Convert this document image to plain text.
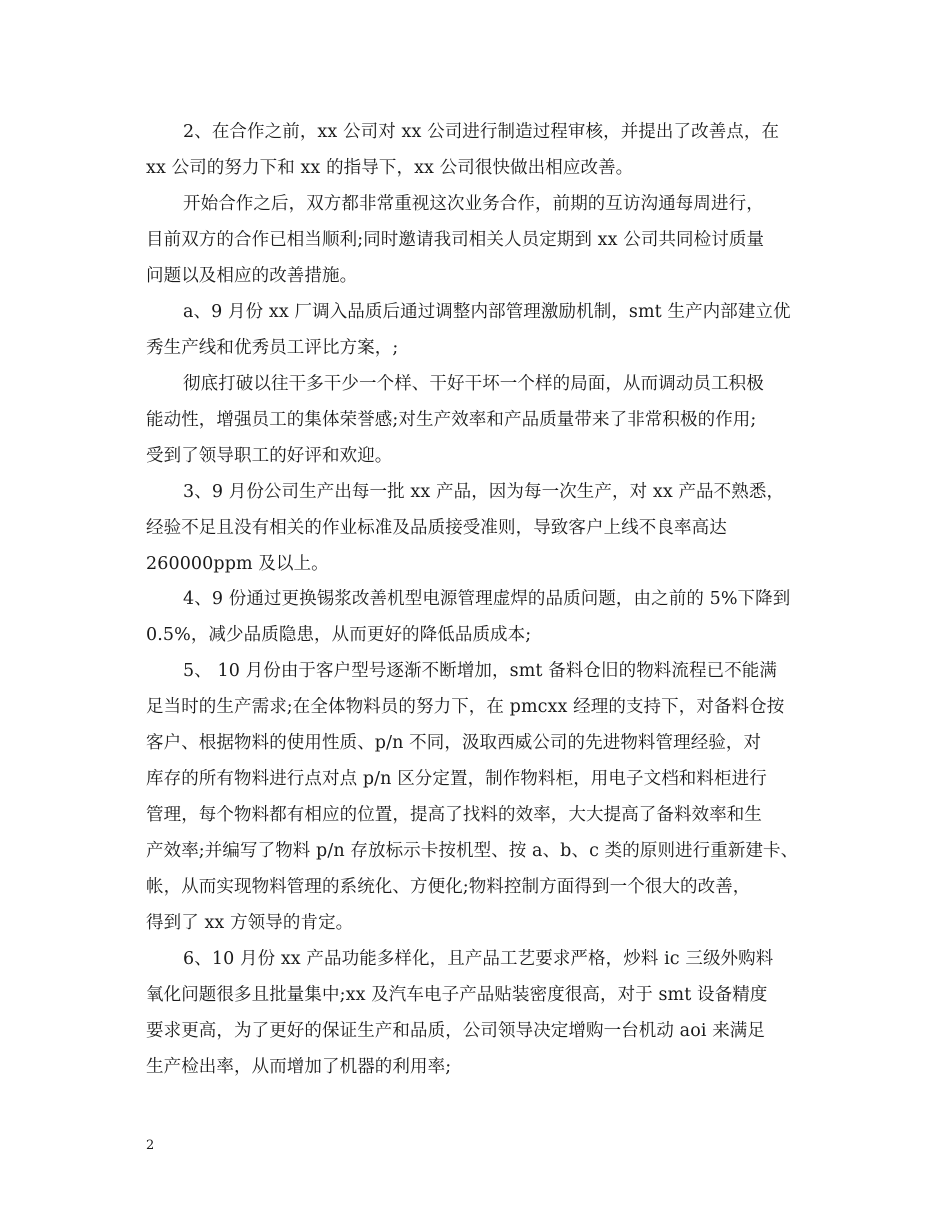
2
2、在合作之前，xx 公司对 xx 公司进行制造过程审核，并提出了改善点，在
xx 公司的努力下和 xx 的指导下，xx 公司很快做出相应改善。
开始合作之后，双方都非常重视这次业务合作，前期的互访沟通每周进行，
目前双方的合作已相当顺利;同时邀请我司相关人员定期到 xx 公司共同检讨质量
问题以及相应的改善措施。
a、9 月份 xx 厂调入品质后通过调整内部管理激励机制，smt 生产内部建立优
秀生产线和优秀员工评比方案，;
彻底打破以往干多干少一个样、干好干坏一个样的局面，从而调动员工积极
能动性，增强员工的集体荣誉感;对生产效率和产品质量带来了非常积极的作用;
受到了领导职工的好评和欢迎。
3、9 月份公司生产出每一批 xx 产品，因为每一次生产，对 xx 产品不熟悉，
经验不足且没有相关的作业标准及品质接受准则，导致客户上线不良率高达
260000ppm 及以上。
4、9 份通过更换锡浆改善机型电源管理虚焊的品质问题，由之前的 5%下降到
0.5%，减少品质隐患，从而更好的降低品质成本;
5、 10 月份由于客户型号逐渐不断增加，smt 备料仓旧的物料流程已不能满
足当时的生产需求;在全体物料员的努力下，在 pmcxx 经理的支持下，对备料仓按
客户、根据物料的使用性质、p/n 不同，汲取西威公司的先进物料管理经验，对
库存的所有物料进行点对点 p/n 区分定置，制作物料柜，用电子文档和料柜进行
管理，每个物料都有相应的位置，提高了找料的效率，大大提高了备料效率和生
产效率;并编写了物料 p/n 存放标示卡按机型、按 a、b、c 类的原则进行重新建卡、
帐，从而实现物料管理的系统化、方便化;物料控制方面得到一个很大的改善，
得到了 xx 方领导的肯定。
6、10 月份 xx 产品功能多样化，且产品工艺要求严格，炒料 ic 三级外购料
氧化问题很多且批量集中;xx 及汽车电子产品贴装密度很高，对于 smt 设备精度
要求更高，为了更好的保证生产和品质，公司领导决定增购一台机动 aoi 来满足
生产检出率，从而增加了机器的利用率;
